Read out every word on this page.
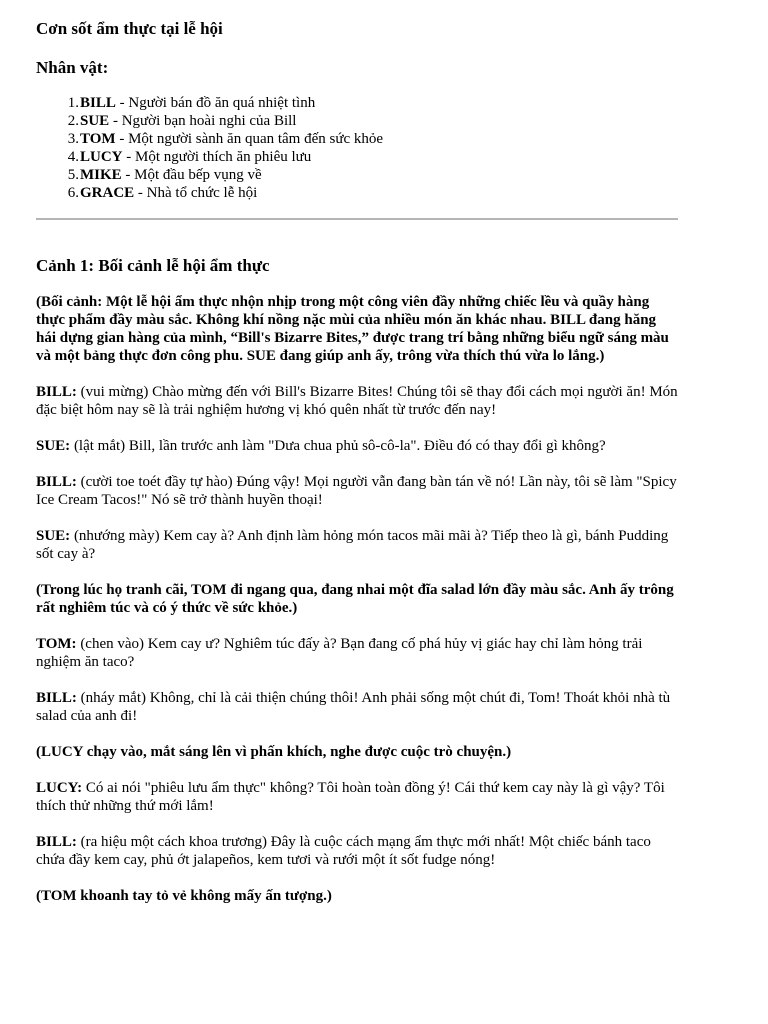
Cơn sốt ẩm thực tại lễ hội
Nhân vật:
1.
BILL - Người bán đồ ăn quá nhiệt tình
2.
SUE - Người bạn hoài nghi của Bill
3.
TOM - Một người sành ăn quan tâm đến sức khỏe
4.
LUCY - Một người thích ăn phiêu lưu
5.
MIKE - Một đầu bếp vụng về
6.
GRACE - Nhà tổ chức lễ hội
Cảnh 1: Bối cảnh lễ hội ẩm thực

(Bối cảnh: Một lễ hội ẩm thực nhộn nhịp trong một công viên đầy những chiếc lều và quầy hàng thực phẩm đầy màu sắc. Không khí nồng nặc mùi của nhiều món ăn khác nhau. BILL đang hăng hái dựng gian hàng của mình, “Bill's Bizarre Bites,” được trang trí bằng những biểu ngữ sáng màu và một bảng thực đơn công phu. SUE đang giúp anh ấy, trông vừa thích thú vừa lo lắng.)

BILL: (vui mừng) Chào mừng đến với Bill's Bizarre Bites! Chúng tôi sẽ thay đổi cách mọi người ăn! Món đặc biệt hôm nay sẽ là trải nghiệm hương vị khó quên nhất từ trước đến nay!

SUE: (lật mắt) Bill, lần trước anh làm "Dưa chua phủ sô-cô-la". Điều đó có thay đổi gì không?

BILL: (cười toe toét đầy tự hào) Đúng vậy! Mọi người vẫn đang bàn tán về nó! Lần này, tôi sẽ làm "Spicy Ice Cream Tacos!" Nó sẽ trở thành huyền thoại!

SUE: (nhướng mày) Kem cay à? Anh định làm hỏng món tacos mãi mãi à? Tiếp theo là gì, bánh Pudding sốt cay à?

(Trong lúc họ tranh cãi, TOM đi ngang qua, đang nhai một đĩa salad lớn đầy màu sắc. Anh ấy trông rất nghiêm túc và có ý thức về sức khỏe.)

TOM: (chen vào) Kem cay ư? Nghiêm túc đấy à? Bạn đang cố phá hủy vị giác hay chỉ làm hỏng trải nghiệm ăn taco?

BILL: (nháy mắt) Không, chỉ là cải thiện chúng thôi! Anh phải sống một chút đi, Tom! Thoát khỏi nhà tù salad của anh đi!

(LUCY chạy vào, mắt sáng lên vì phấn khích, nghe được cuộc trò chuyện.)

LUCY: Có ai nói "phiêu lưu ẩm thực" không? Tôi hoàn toàn đồng ý! Cái thứ kem cay này là gì vậy? Tôi thích thử những thứ mới lắm!

BILL: (ra hiệu một cách khoa trương) Đây là cuộc cách mạng ẩm thực mới nhất! Một chiếc bánh taco chứa đầy kem cay, phủ ớt jalapeños, kem tươi và rưới một ít sốt fudge nóng!

(TOM khoanh tay tỏ vẻ không mấy ấn tượng.)
